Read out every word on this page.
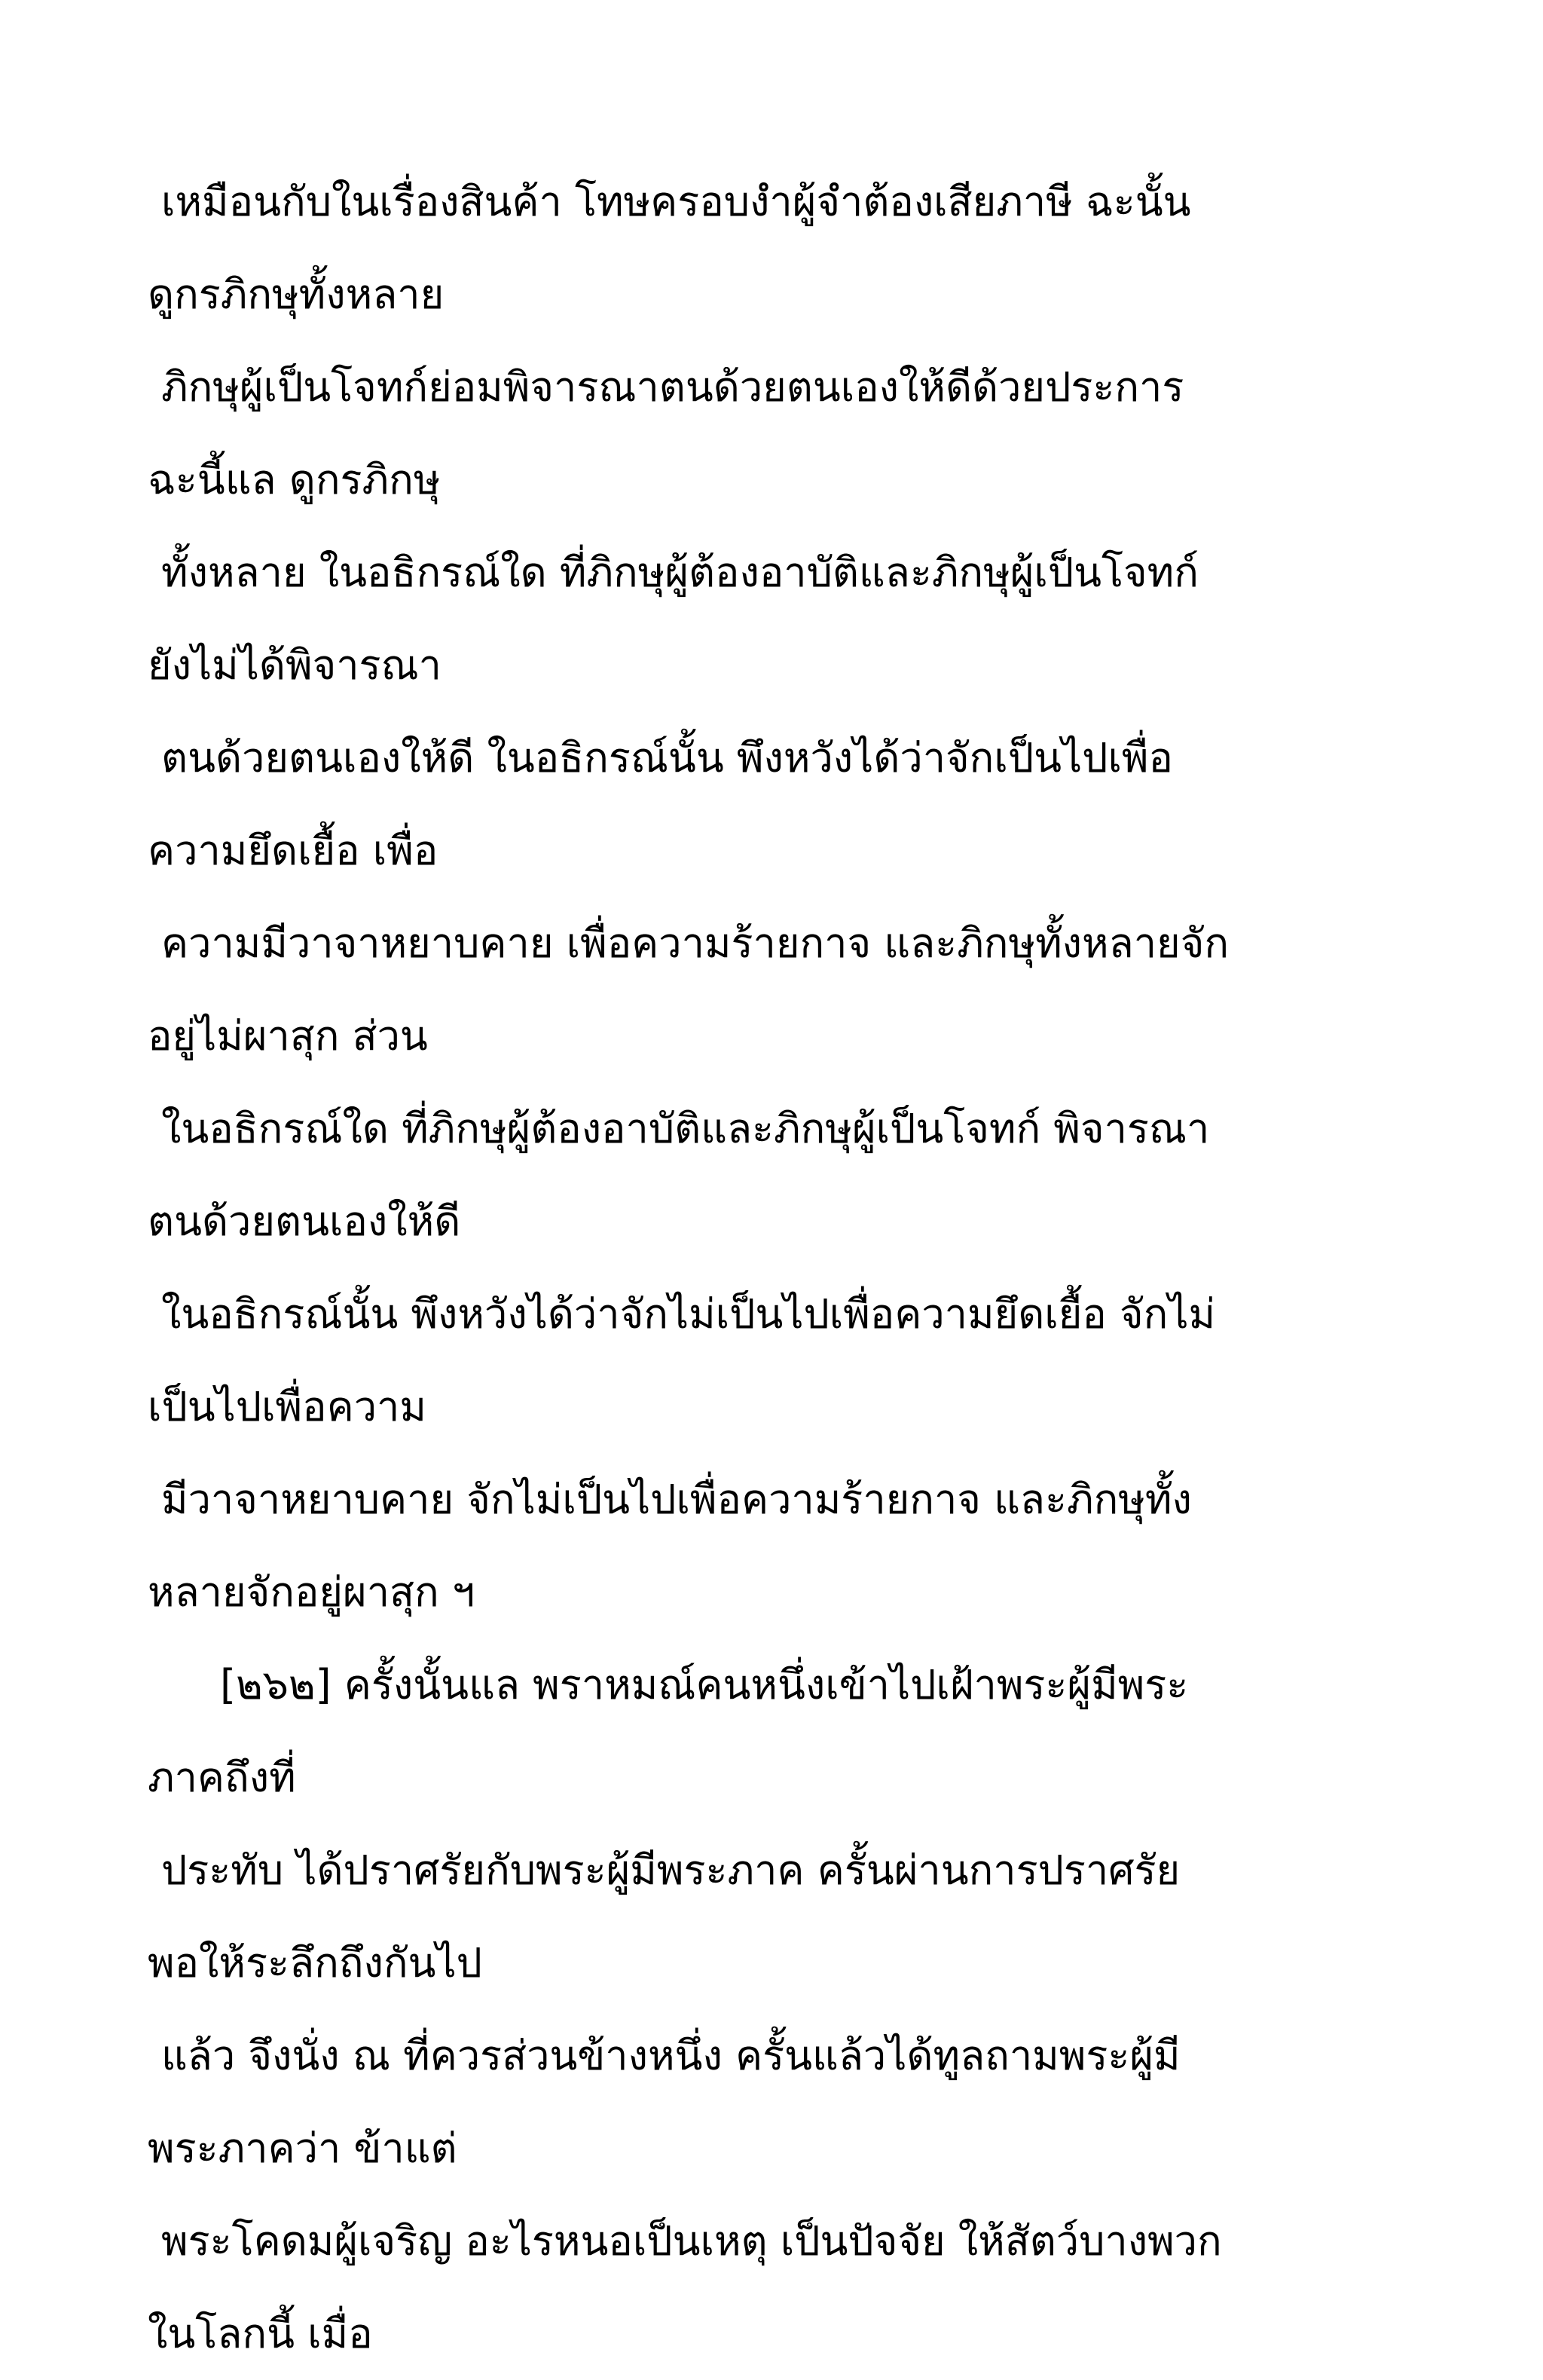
เหมือนกับในเรื่องสินค้า โทษครอบงำผู้จำต้องเสียภาษี ฉะนั้น
ดูกรภิกษุทั้งหลาย
ภิกษุผู้เป็นโจทก์ย่อมพิจารณาตนด้วยตนเองให้ดีด้วยประการ
ฉะนี้แล ดูกรภิกษุ
ทั้งหลาย ในอธิกรณ์ใด ที่ภิกษุผู้ต้องอาบัติและภิกษุผู้เป็นโจทก์
ยังไม่ได้พิจารณา
ตนด้วยตนเองให้ดี ในอธิกรณ์นั้น พึงหวังได้ว่าจักเป็นไปเพื่อ
ความยึดเยื้อ เพื่อ
ความมีวาจาหยาบคาย เพื่อความร้ายกาจ และภิกษุทั้งหลายจัก
อยู่ไม่ผาสุก ส่วน
ในอธิกรณ์ใด ที่ภิกษุผู้ต้องอาบัติและภิกษุผู้เป็นโจทก์ พิจารณา
ตนด้วยตนเองให้ดี
ในอธิกรณ์นั้น พึงหวังได้ว่าจักไม่เป็นไปเพื่อความยึดเยื้อ จักไม่
เป็นไปเพื่อความ
มีวาจาหยาบคาย จักไม่เป็นไปเพื่อความร้ายกาจ และภิกษุทั้ง
หลายจักอยู่ผาสุก ฯ
[๒๖๒] ครั้งนั้นแล พราหมณ์คนหนึ่งเข้าไปเฝ้าพระผู้มีพระ
ภาคถึงที่
ประทับ ได้ปราศรัยกับพระผู้มีพระภาค ครั้นผ่านการปราศรัย
พอให้ระลึกถึงกันไป
แล้ว จึงนั่ง ณ ที่ควรส่วนข้างหนึ่ง ครั้นแล้วได้ทูลถามพระผู้มี
พระภาคว่า ข้าแต่
พระโคดมผู้เจริญ อะไรหนอเป็นเหตุ เป็นปัจจัย ให้สัตว์บางพวก
ในโลกนี้ เมื่อ
